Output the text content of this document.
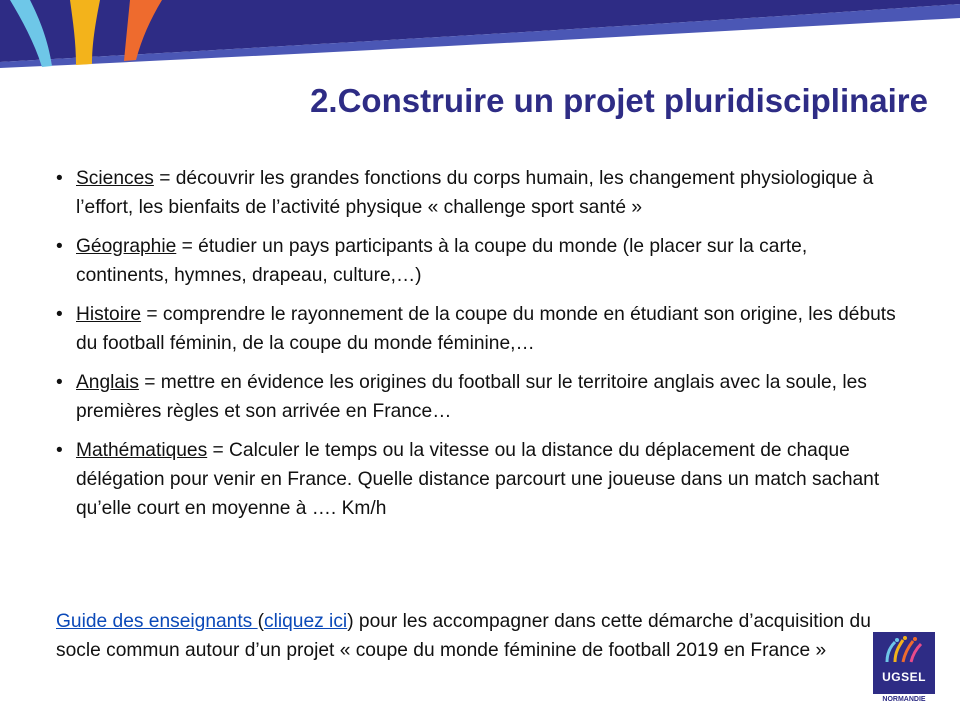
2.Construire un projet pluridisciplinaire
• Sciences = découvrir les grandes fonctions du corps humain, les changement physiologique à l’effort, les bienfaits de l’activité physique « challenge sport santé »
• Géographie = étudier un pays participants à la coupe du monde (le placer sur la carte, continents, hymnes, drapeau, culture,…)
• Histoire = comprendre le rayonnement de la coupe du monde en étudiant son origine, les débuts du football féminin, de la coupe du monde féminine,…
• Anglais = mettre en évidence les origines du football sur le territoire anglais avec la soule, les premières règles et son arrivée en France…
• Mathématiques = Calculer le temps ou la vitesse ou la distance du déplacement de chaque délégation pour venir en France. Quelle distance parcourt une joueuse dans un match sachant qu’elle court en moyenne à …. Km/h

Guide des enseignants (cliquez ici) pour les accompagner dans cette démarche d’acquisition du socle commun autour d’un projet « coupe du monde féminine de football 2019 en France »

UGSEL
NORMANDIE
